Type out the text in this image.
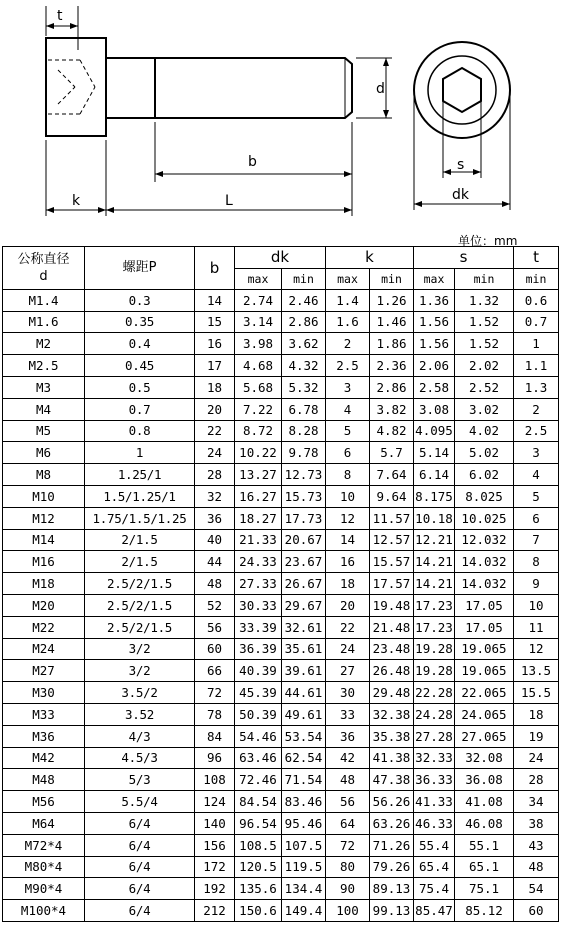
t
d
b
k	L
s
dk
单位：mm
公称直径
d	螺距P	b	dk		k		s		t
			max	min	max	min	max	min	min
M1.4	0.3	14	2.74	2.46	1.4	1.26	1.36	1.32	0.6
M1.6	0.35	15	3.14	2.86	1.6	1.46	1.56	1.52	0.7
M2	0.4	16	3.98	3.62	2	1.86	1.56	1.52	1
M2.5	0.45	17	4.68	4.32	2.5	2.36	2.06	2.02	1.1
M3	0.5	18	5.68	5.32	3	2.86	2.58	2.52	1.3
M4	0.7	20	7.22	6.78	4	3.82	3.08	3.02	2
M5	0.8	22	8.72	8.28	5	4.82	4.095	4.02	2.5
M6	1	24	10.22	9.78	6	5.7	5.14	5.02	3
M8	1.25/1	28	13.27	12.73	8	7.64	6.14	6.02	4
M10	1.5/1.25/1	32	16.27	15.73	10	9.64	8.175	8.025	5
M12	1.75/1.5/1.25	36	18.27	17.73	12	11.57	10.18	10.025	6
M14	2/1.5	40	21.33	20.67	14	12.57	12.21	12.032	7
M16	2/1.5	44	24.33	23.67	16	15.57	14.21	14.032	8
M18	2.5/2/1.5	48	27.33	26.67	18	17.57	14.21	14.032	9
M20	2.5/2/1.5	52	30.33	29.67	20	19.48	17.23	17.05	10
M22	2.5/2/1.5	56	33.39	32.61	22	21.48	17.23	17.05	11
M24	3/2	60	36.39	35.61	24	23.48	19.28	19.065	12
M27	3/2	66	40.39	39.61	27	26.48	19.28	19.065	13.5
M30	3.5/2	72	45.39	44.61	30	29.48	22.28	22.065	15.5
M33	3.52	78	50.39	49.61	33	32.38	24.28	24.065	18
M36	4/3	84	54.46	53.54	36	35.38	27.28	27.065	19
M42	4.5/3	96	63.46	62.54	42	41.38	32.33	32.08	24
M48	5/3	108	72.46	71.54	48	47.38	36.33	36.08	28
M56	5.5/4	124	84.54	83.46	56	56.26	41.33	41.08	34
M64	6/4	140	96.54	95.46	64	63.26	46.33	46.08	38
M72*4	6/4	156	108.5	107.5	72	71.26	55.4	55.1	43
M80*4	6/4	172	120.5	119.5	80	79.26	65.4	65.1	48
M90*4	6/4	192	135.6	134.4	90	89.13	75.4	75.1	54
M100*4	6/4	212	150.6	149.4	100	99.13	85.47	85.12	60
